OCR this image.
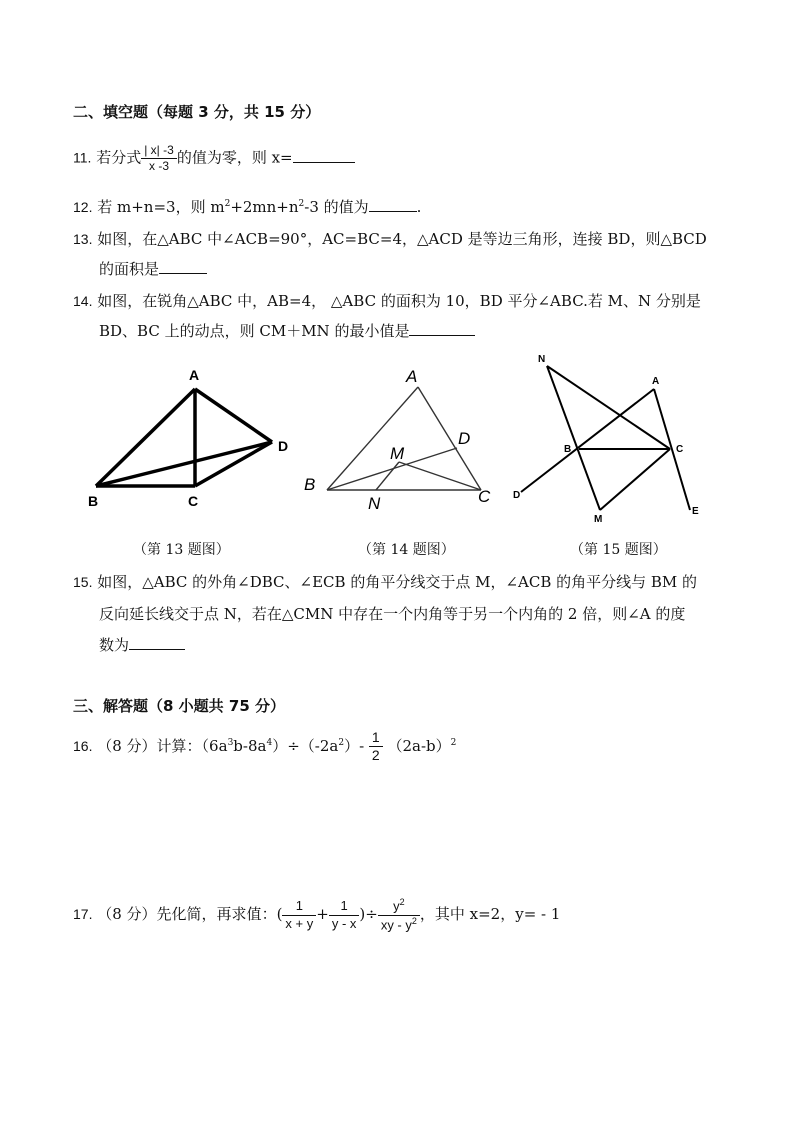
二、填空题（每题 3 分，共 15 分）
11. 若分式 $\frac{| x| -3}{x -3}$ 的值为零，则 x=
12. 若 m+n=3，则 $m^2+2mn+n^2-3$ 的值为	.
13. 如图，在△ABC 中∠ACB=90°，AC=BC=4，△ACD 是等边三角形，连接 BD，则△BCD
的面积是
14. 如图，在锐角△ABC 中，AB=4， △ABC 的面积为 10，BD 平分∠ABC.若 M、N 分别是
BD、BC 上的动点，则 CM＋MN 的最小值是
A
D
B	C
A
D
M
B
N	C
N
A
B	C
D
M
E
（第 13 题图）	（第 14 题图）	（第 15 题图）
15. 如图，△ABC 的外角∠DBC、∠ECB 的角平分线交于点 M，∠ACB 的角平分线与 BM 的
反向延长线交于点 N，若在△CMN 中存在一个内角等于另一个内角的 2 倍，则∠A 的度
数为
三、解答题（8 小题共 75 分）
16. （8 分）计算：$(6a^3b-8a^4)\div(-2a^2)- \frac{1}{2} (2a-b)^2$
17. （8 分）先化简，再求值：( $\frac{1}{x + y} + \frac{1}{y - x}$ )÷ $\frac{y^2}{xy - y^2}$ ，其中 x=2，y= - 1
